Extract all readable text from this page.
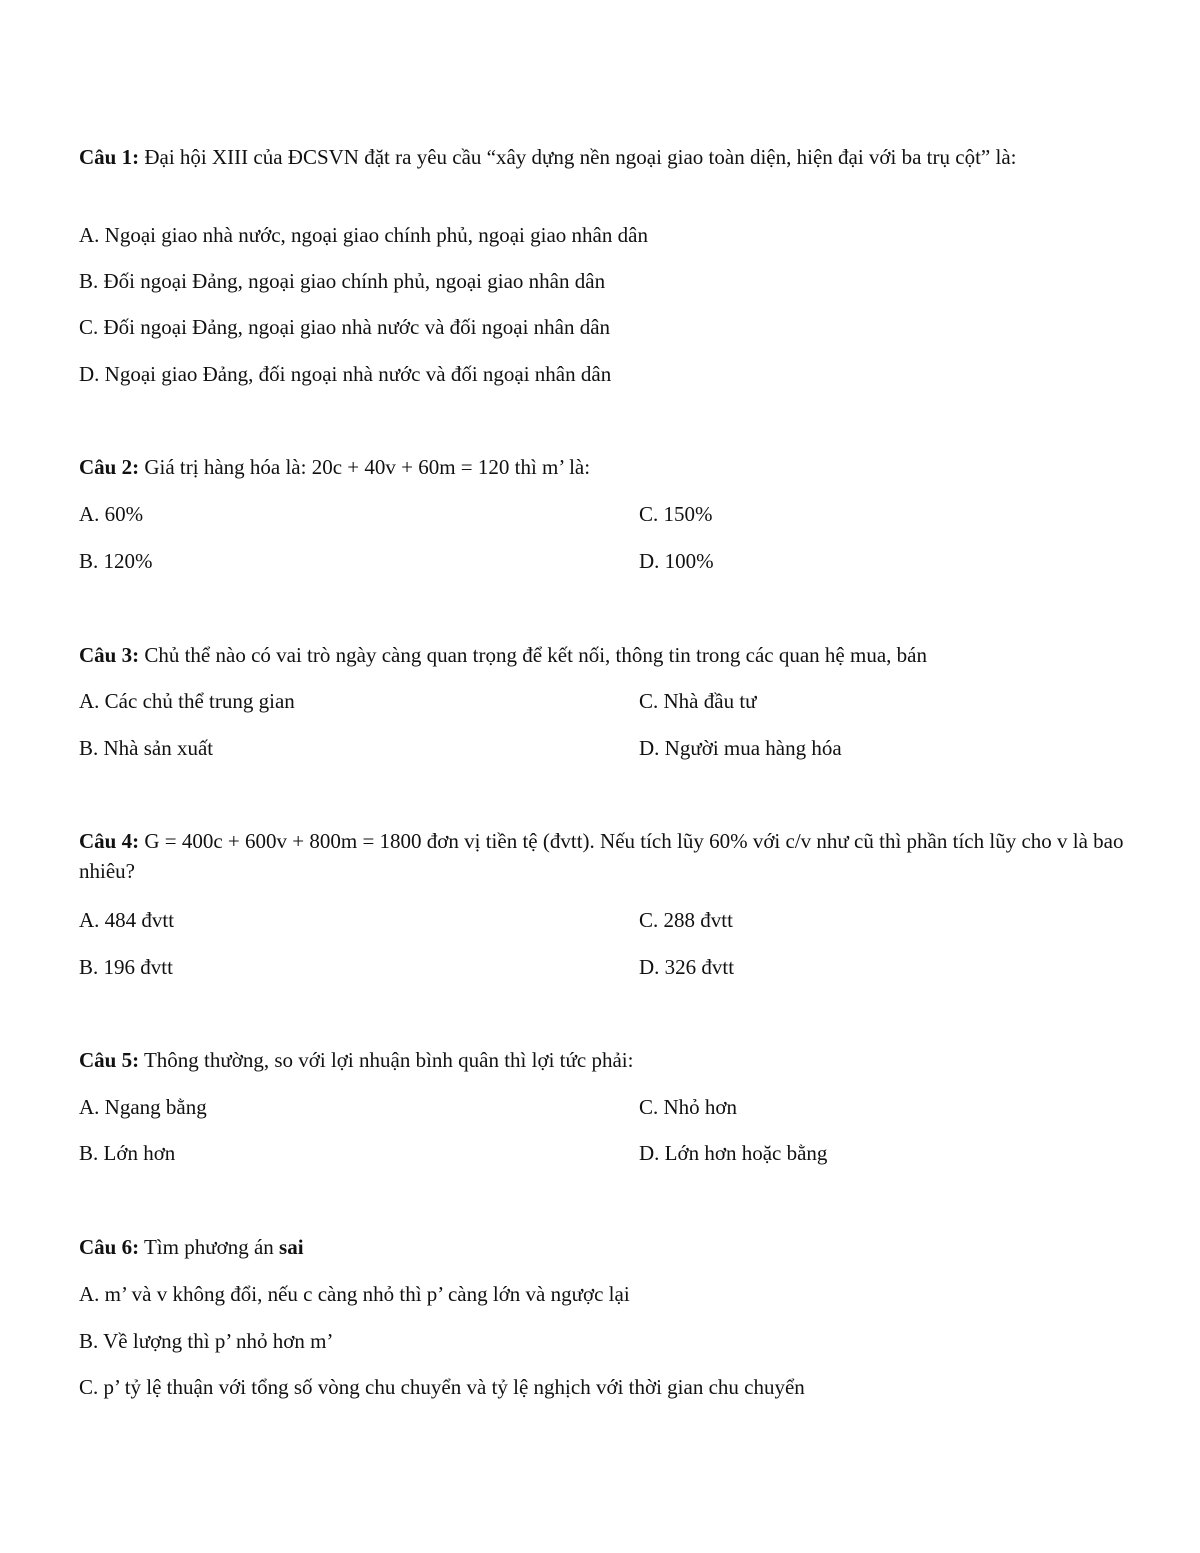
Câu 1: Đại hội XIII của ĐCSVN đặt ra yêu cầu “xây dựng nền ngoại giao toàn diện, hiện đại với ba trụ cột” là:
A. Ngoại giao nhà nước, ngoại giao chính phủ, ngoại giao nhân dân
B. Đối ngoại Đảng, ngoại giao chính phủ, ngoại giao nhân dân
C. Đối ngoại Đảng, ngoại giao nhà nước và đối ngoại nhân dân
D. Ngoại giao Đảng, đối ngoại nhà nước và đối ngoại nhân dân
Câu 2: Giá trị hàng hóa là: 20c + 40v + 60m = 120 thì m’ là:
A. 60%	C. 150%
B. 120%	D. 100%
Câu 3: Chủ thể nào có vai trò ngày càng quan trọng để kết nối, thông tin trong các quan hệ mua, bán
A. Các chủ thể trung gian	C. Nhà đầu tư
B. Nhà sản xuất	D. Người mua hàng hóa
Câu 4: G = 400c + 600v + 800m = 1800 đơn vị tiền tệ (đvtt). Nếu tích lũy 60% với c/v như cũ thì phần tích lũy cho v là bao nhiêu?
A. 484 đvtt	C. 288 đvtt
B. 196 đvtt	D. 326 đvtt
Câu 5: Thông thường, so với lợi nhuận bình quân thì lợi tức phải:
A. Ngang bằng	C. Nhỏ hơn
B. Lớn hơn	D. Lớn hơn hoặc bằng
Câu 6: Tìm phương án sai
A. m’ và v không đổi, nếu c càng nhỏ thì p’ càng lớn và ngược lại
B. Về lượng thì p’ nhỏ hơn m’
C. p’ tỷ lệ thuận với tổng số vòng chu chuyển và tỷ lệ nghịch với thời gian chu chuyển
